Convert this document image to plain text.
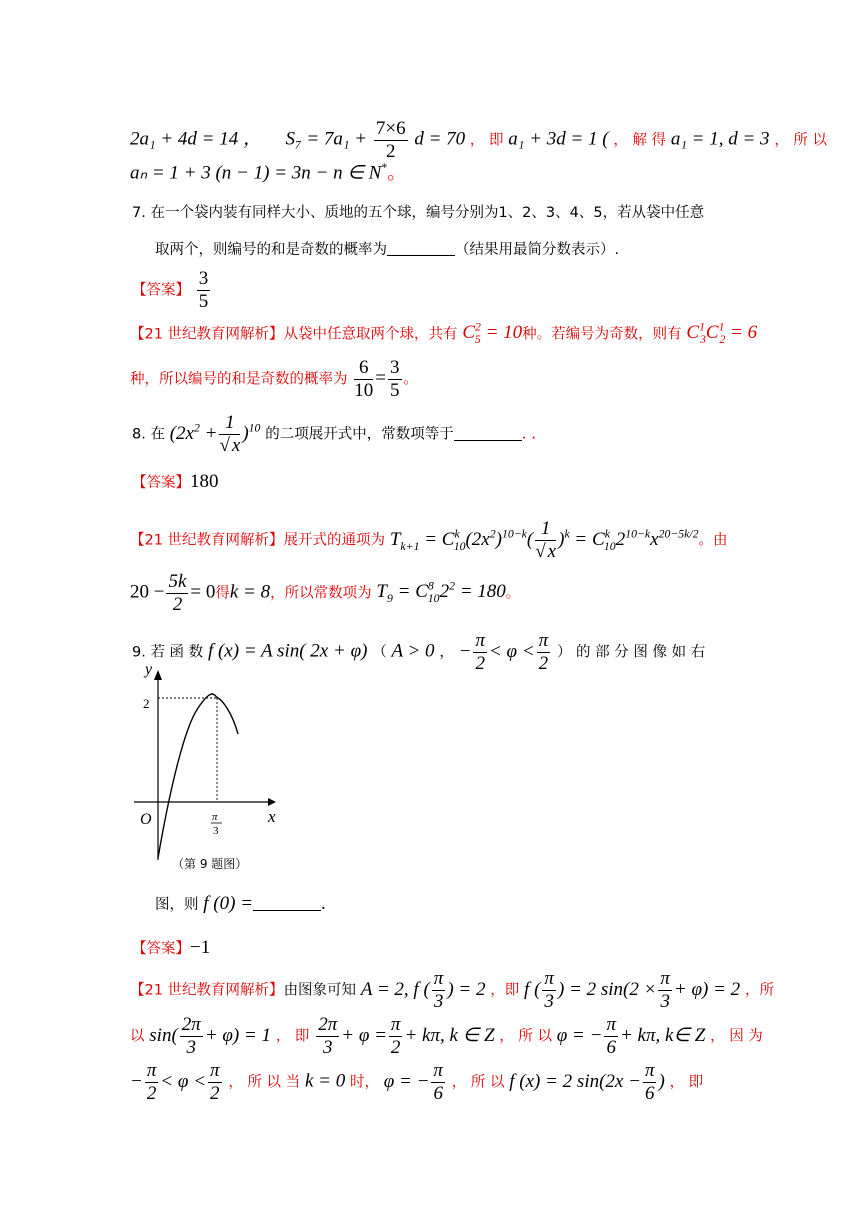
2a₁ + 4d = 14 ， $S_7 = 7a_1 + \frac{7\times 6}{2}$ d = 70 ， 即 a₁ + 3d = 1 ( ， 解 得 a₁ = 1, d = 3 ， 所 以
aₙ = 1 + 3 (n − 1) = 3n − n ∈ N*。
7. 在一个袋内装有同样大小、质地的五个球，编号分别为1、2、3、4、5，若从袋中任意
取两个，则编号的和是奇数的概率为	（结果用最简分数表示）.
【答案】 $\frac{3}{5}$
【21 世纪教育网解析】从袋中任意取两个球，共有 $C^2_5 = 10$种。若编号为奇数，则有 $C^1_3C^1_2 = 6$
种，所以编号的和是奇数的概率为 $\frac{6}{10} = \frac{3}{5}$ 。
8. 在 $(2x^2 + \frac{1}{√ x} )^{10}$ 的二项展开式中，常数项等于	. .
【答案】180
【21 世纪教育网解析】展开式的通项为 $T_{k+1} = C^k_{10}(2x^2)^{10-k}( \frac{1}{√ x} )^k = C^k_{10}2^{10-k}x^{20-5k/2}$。由
$20 - \frac{5k}{2} = 0$得k = 8，所以常数项为 $T_9 = C^8_{10}2^2 = 180$。
9. 若 函 数 f (x) = A sin( 2x + φ) （ A > 0 ， − $\frac{\pi}{2} < \varphi < \frac{\pi}{2}$ ） 的 部 分 图 像 如 右
2
y
x
O	π
3
（第 9 题图）
图，则 f (0) =	.
【答案】−1
【21 世纪教育网解析】由图象可知 A = 2, f ( $\frac{\pi}{3}$ ) = 2 ，即 f ( $\frac{\pi}{3}$ ) = 2 $\sin(2 \times \frac{\pi}{3} + \varphi) = 2$ ，所
以 $\sin( \frac{2\pi}{3} + \varphi) = 1$ ， 即 $\frac{2\pi}{3} + \varphi = \frac{\pi}{2} + k\pi$, k ∈ Z ， 所 以 φ = − $\frac{\pi}{6} + k\pi$, k∈ Z ， 因 为
− $\frac{\pi}{2} < \varphi < \frac{\pi}{2}$ ， 所 以 当 k = 0 时， φ = − $\frac{\pi}{6}$ ， 所 以 f (x) = 2 $\sin(2x - \frac{\pi}{6}$ ) ， 即
